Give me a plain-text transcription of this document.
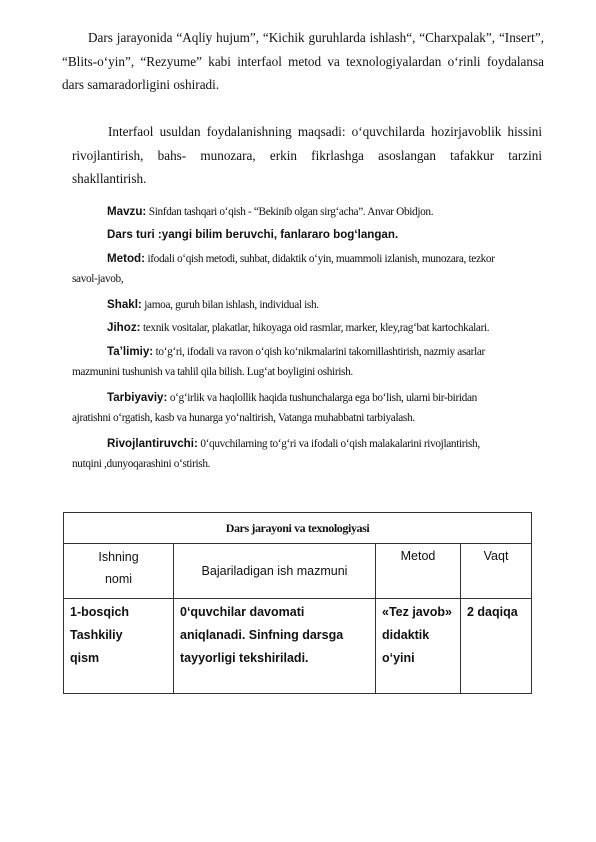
Dars jarayonida “Aqliy hujum”, “Kichik guruhlarda ishlash“, “Charxpalak”, “Insert”, “Blits-o‘yin”, “Rezyume” kabi interfaol metod va texnologiyalardan o‘rinli foydalansa dars samaradorligini oshiradi.

Interfaol usuldan foydalanishning maqsadi: o‘quvchilarda hozirjavoblik hissini rivojlantirish, bahs- munozara, erkin fikrlashga asoslangan tafakkur tarzini shakllantirish.

Mavzu: Sinfdan tashqari o‘qish - “Bekinib olgan sirg‘acha”. Anvar Obidjon.
Dars turi :yangi bilim beruvchi, fanlararo bog‘langan.
Metod: ifodali o‘qish metodi, suhbat, didaktik o‘yin, muammoli izlanish, munozara, tezkor
savol-javob,
Shakl: jamoa, guruh bilan ishlash, individual ish.
Jihoz: texnik vositalar, plakatlar, hikoyaga oid rasmlar, marker, kley,rag‘bat kartochkalari.
Ta’limiy: to‘g‘ri, ifodali va ravon o‘qish ko‘nikmalarini takomillashtirish, nazmiy asarlar
mazmunini tushunish va tahlil qila bilish. Lug‘at boyligini oshirish.
Tarbiyaviy: o‘g‘irlik va haqlollik haqida tushunchalarga ega bo‘lish, ularni bir-biridan
ajratishni o‘rgatish, kasb va hunarga yo‘naltirish, Vatanga muhabbatni tarbiyalash.
Rivojlantiruvchi: 0‘quvchilarning to‘g‘ri va ifodali o‘qish malakalarini rivojlantirish,
nutqini ,dunyoqarashini o‘stirish.
Dars jarayoni va texnologiyasi			

Ishning
nomi	Bajariladigan ish mazmuni	Metod	Vaqt

1-bosqich
Tashkiliy
qism	0‘quvchilar davomati
aniqlanadi. Sinfning darsga
tayyorligi tekshiriladi.	«Tez javob»
didaktik
o‘yini	2 daqiqa
